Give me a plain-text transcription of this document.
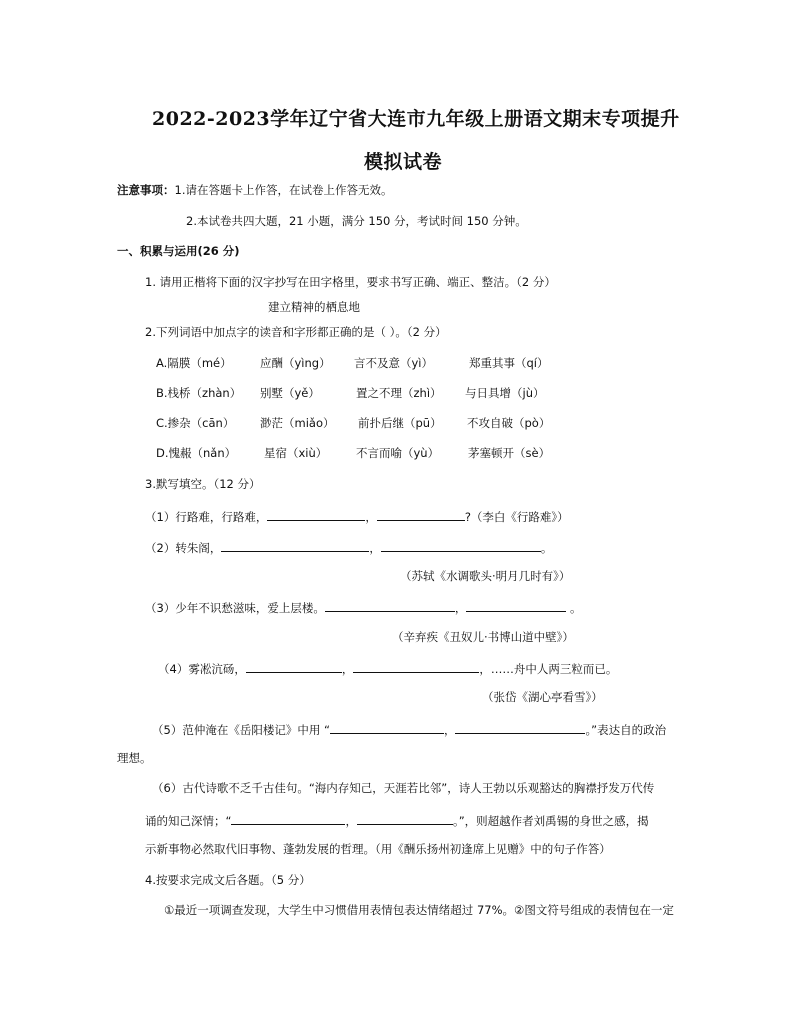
2022-2023学年辽宁省大连市九年级上册语文期末专项提升
模拟试卷
注意事项：1.请在答题卡上作答，在试卷上作答无效。
2.本试卷共四大题，21 小题，满分 150 分，考试时间 150 分钟。
一、积累与运用(26 分)
1. 请用正楷将下面的汉字抄写在田字格里，要求书写正确、端正、整洁。（2 分）
建立精神的栖息地
2.下列词语中加点字的读音和字形都正确的是（ ）。（2 分）
A.隔膜（mé） 应酬（yìng） 言不及意（yì）	郑重其事（qí）
B.栈桥（zhàn） 别墅（yě）	置之不理（zhì） 与日具增（jù）
C.掺杂（cān） 渺茫（miǎo） 前扑后继（pū） 不攻自破（pò）
D.愧赧（nǎn） 星宿（xiù） 不言而喻（yù）	茅塞顿开（sè）
3.默写填空。（12 分）
（1）行路难，行路难，	，	?（李白《行路难》）
（2）转朱阁，	，	。
（苏轼《水调歌头·明月几时有》）
（3）少年不识愁滋味，爱上层楼。	，	。
（辛弃疾《丑奴儿·书博山道中壁》）
（4）雾凇沆砀，	，	，……舟中人两三粒而已。
（张岱《湖心亭看雪》）
（5）范仲淹在《岳阳楼记》中用 “	，	。”表达自的政治
理想。
（6）古代诗歌不乏千古佳句。“海内存知己，天涯若比邻”，诗人王勃以乐观豁达的胸襟抒发万代传
诵的知己深情；“	，	。”，则超越作者刘禹锡的身世之感，揭
示新事物必然取代旧事物、蓬勃发展的哲理。（用《酬乐扬州初逢席上见赠》中的句子作答）
4.按要求完成文后各题。（5 分）
①最近一项调查发现，大学生中习惯借用表情包表达情绪超过 77%。②图文符号组成的表情包在一定
